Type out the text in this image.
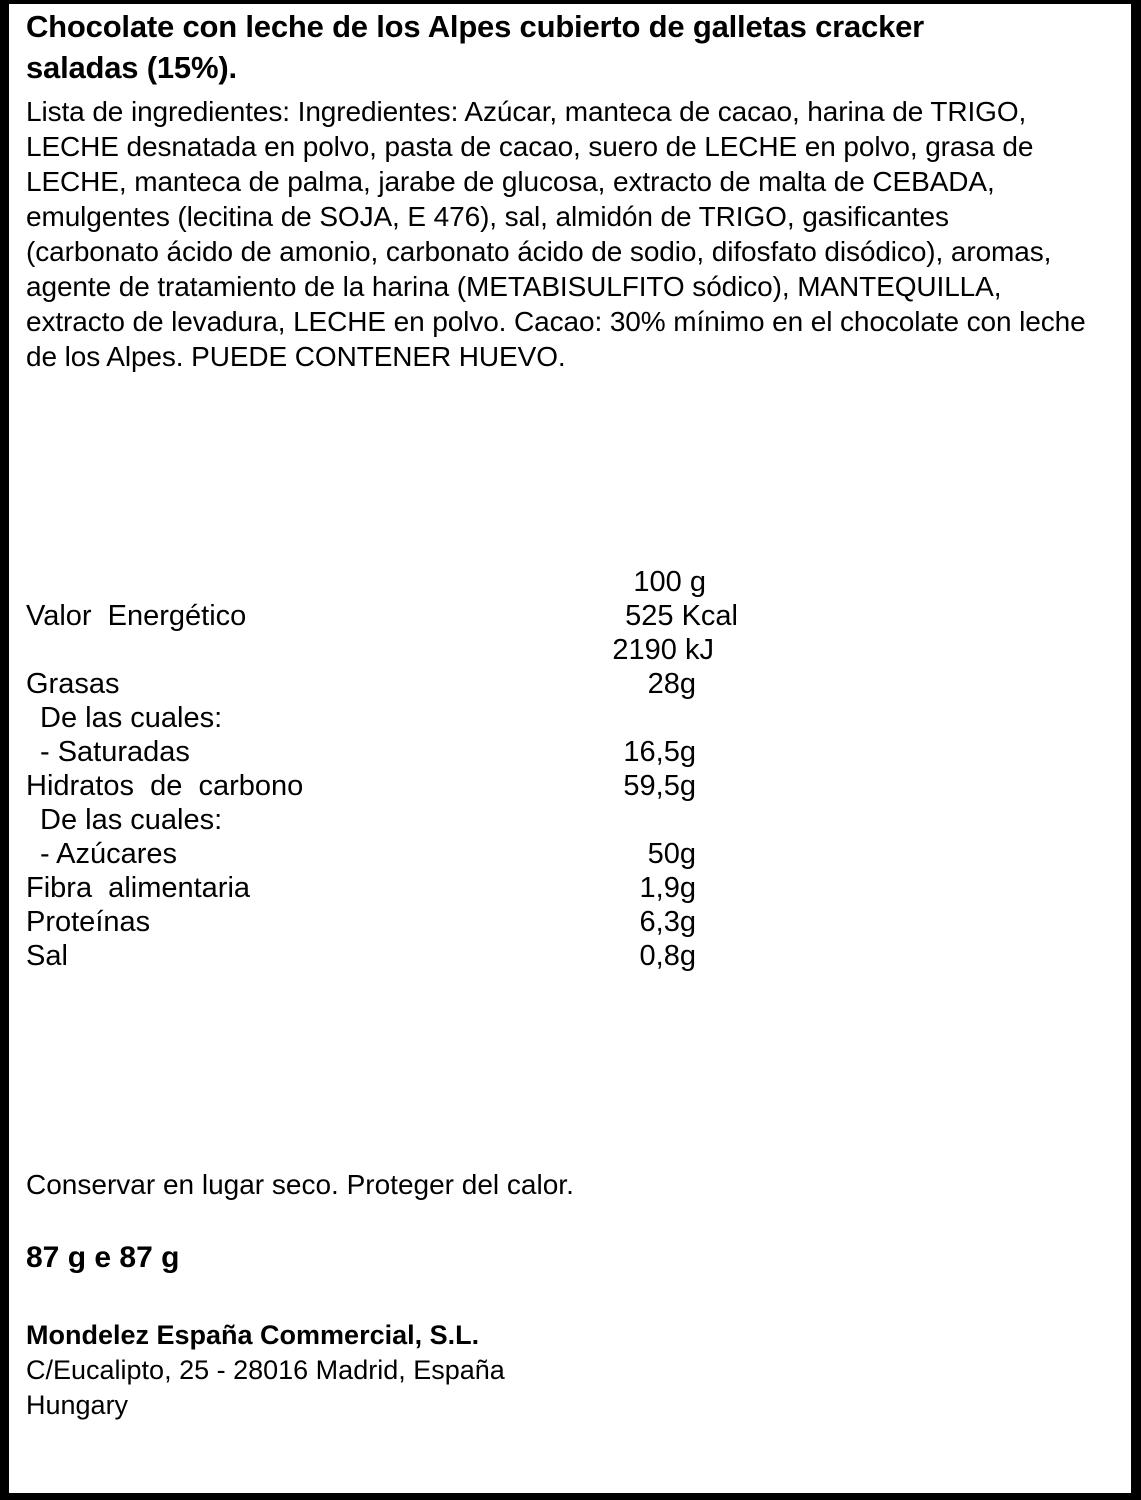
Chocolate con leche de los Alpes cubierto de galletas cracker saladas (15%).

Lista de ingredientes: Ingredientes: Azúcar, manteca de cacao, harina de TRIGO, LECHE desnatada en polvo, pasta de cacao, suero de LECHE en polvo, grasa de LECHE, manteca de palma, jarabe de glucosa, extracto de malta de CEBADA, emulgentes (lecitina de SOJA, E 476), sal, almidón de TRIGO, gasificantes (carbonato ácido de amonio, carbonato ácido de sodio, difosfato disódico), aromas, agente de tratamiento de la harina (METABISULFITO sódico), MANTEQUILLA, extracto de levadura, LECHE en polvo. Cacao: 30% mínimo en el chocolate con leche de los Alpes. PUEDE CONTENER HUEVO.

100 g
Valor  Energético	525 Kcal
2190 kJ
Grasas	28g
De las cuales:
- Saturadas	16,5g
Hidratos  de  carbono	59,5g
De las cuales:
- Azúcares	50g
Fibra  alimentaria	1,9g
Proteínas	6,3g
Sal	0,8g
Conservar en lugar seco. Proteger del calor.
87 g e 87 g
Mondelez España Commercial, S.L.
C/Eucalipto, 25 - 28016 Madrid, España
Hungary
